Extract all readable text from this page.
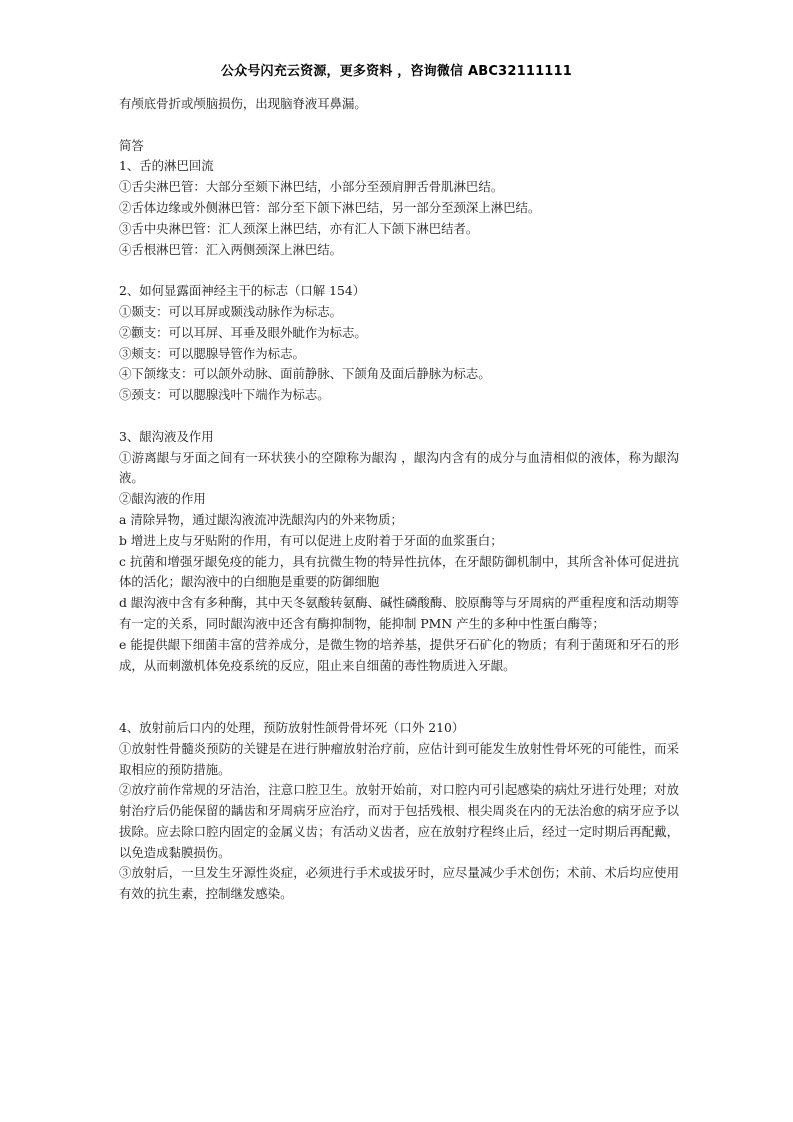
公众号闪充云资源，更多资料 ，咨询微信 ABC32111111

有颅底骨折或颅脑损伤，出现脑脊液耳鼻漏。

简答

1、舌的淋巴回流

①舌尖淋巴管：大部分至颏下淋巴结，小部分至颈肩胛舌骨肌淋巴结。

②舌体边缘或外侧淋巴管：部分至下颌下淋巴结，另一部分至颈深上淋巴结。

③舌中央淋巴管：汇人颈深上淋巴结，亦有汇人下颌下淋巴结者。

④舌根淋巴管：汇入两侧颈深上淋巴结。

2、如何显露面神经主干的标志（口解 154）

①颞支：可以耳屏或颞浅动脉作为标志。

②颧支：可以耳屏、耳垂及眼外眦作为标志。

③颊支：可以腮腺导管作为标志。

④下颌缘支：可以颌外动脉、面前静脉、下颌角及面后静脉为标志。

⑤颈支：可以腮腺浅叶下端作为标志。

3、龈沟液及作用

①游离龈与牙面之间有一环状狭小的空隙称为龈沟 ，龈沟内含有的成分与血清相似的液体，称为龈沟液。

②龈沟液的作用

a 清除异物，通过龈沟液流冲洗龈沟内的外来物质；

b 增进上皮与牙贴附的作用，有可以促进上皮附着于牙面的血浆蛋白；

c 抗菌和增强牙龈免疫的能力，具有抗微生物的特异性抗体，在牙龈防御机制中，其所含补体可促进抗体的活化；龈沟液中的白细胞是重要的防御细胞

d 龈沟液中含有多种酶，其中天冬氨酸转氨酶、碱性磷酸酶、胶原酶等与牙周病的严重程度和活动期等有一定的关系，同时龈沟液中还含有酶抑制物，能抑制 PMN 产生的多种中性蛋白酶等；

e 能提供龈下细菌丰富的营养成分，是微生物的培养基，提供牙石矿化的物质；有利于菌斑和牙石的形成，从而刺激机体免疫系统的反应，阻止来自细菌的毒性物质进入牙龈。

4、放射前后口内的处理，预防放射性颌骨骨坏死（口外 210）

①放射性骨髓炎预防的关键是在进行肿瘤放射治疗前，应估计到可能发生放射性骨坏死的可能性，而采取相应的预防措施。

②放疗前作常规的牙洁治，注意口腔卫生。放射开始前，对口腔内可引起感染的病灶牙进行处理；对放射治疗后仍能保留的龋齿和牙周病牙应治疗，而对于包括残根、根尖周炎在内的无法治愈的病牙应予以拔除。应去除口腔内固定的金属义齿；有活动义齿者，应在放射疗程终止后，经过一定时期后再配戴，以免造成黏膜损伤。

③放射后，一旦发生牙源性炎症，必须进行手术或拔牙时，应尽量减少手术创伤；术前、术后均应使用有效的抗生素，控制继发感染。
